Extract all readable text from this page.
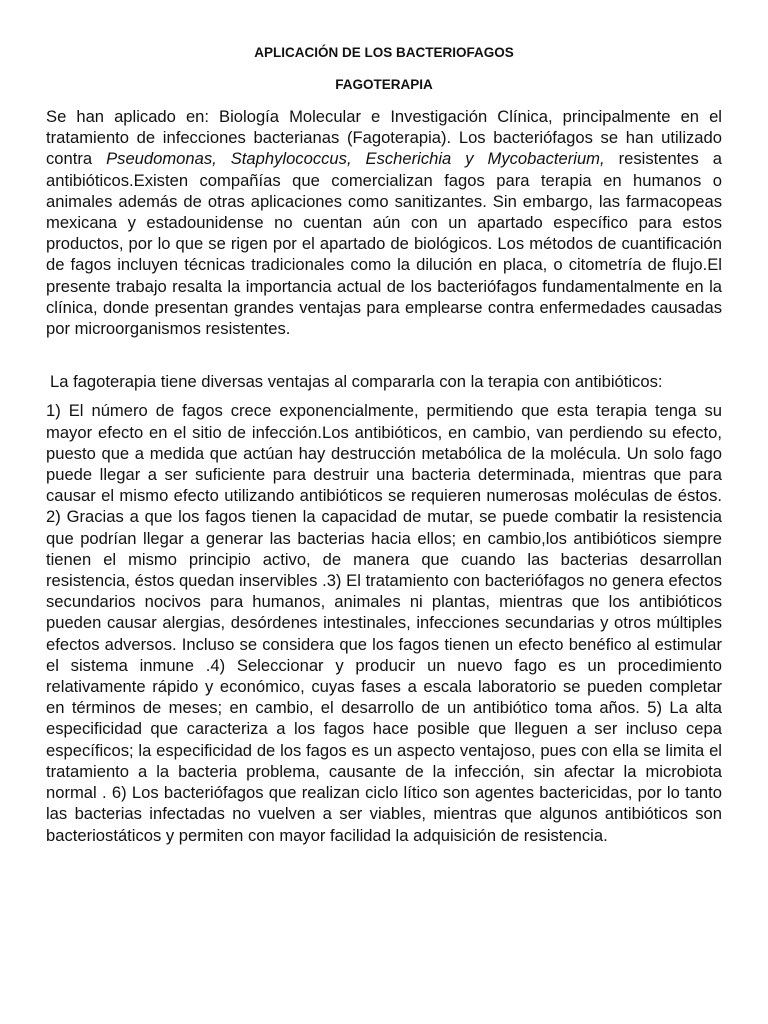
APLICACIÓN DE LOS BACTERIOFAGOS

FAGOTERAPIA

Se han aplicado en: Biología Molecular e Investigación Clínica, principalmente en el tratamiento de infecciones bacterianas (Fagoterapia). Los bacteriófagos se han utilizado contra Pseudomonas, Staphylococcus, Escherichia y Mycobacterium, resistentes a antibióticos.Existen compañías que comercializan fagos para terapia en humanos o animales además de otras aplicaciones como sanitizantes. Sin embargo, las farmacopeas mexicana y estadounidense no cuentan aún con un apartado específico para estos productos, por lo que se rigen por el apartado de biológicos. Los métodos de cuantificación de fagos incluyen técnicas tradicionales como la dilución en placa, o citometría de flujo.El presente trabajo resalta la importancia actual de los bacteriófagos fundamentalmente en la clínica, donde presentan grandes ventajas para emplearse contra enfermedades causadas por microorganismos resistentes.

La fagoterapia tiene diversas ventajas al compararla con la terapia con antibióticos:

1) El número de fagos crece exponencialmente, permitiendo que esta terapia tenga su mayor efecto en el sitio de infección.Los antibióticos, en cambio, van perdiendo su efecto, puesto que a medida que actúan hay destrucción metabólica de la molécula. Un solo fago puede llegar a ser suficiente para destruir una bacteria determinada, mientras que para causar el mismo efecto utilizando antibióticos se requieren numerosas moléculas de éstos. 2) Gracias a que los fagos tienen la capacidad de mutar, se puede combatir la resistencia que podrían llegar a generar las bacterias hacia ellos; en cambio,los antibióticos siempre tienen el mismo principio activo, de manera que cuando las bacterias desarrollan resistencia, éstos quedan inservibles .3) El tratamiento con bacteriófagos no genera efectos secundarios nocivos para humanos, animales ni plantas, mientras que los antibióticos pueden causar alergias, desórdenes intestinales, infecciones secundarias y otros múltiples efectos adversos. Incluso se considera que los fagos tienen un efecto benéfico al estimular el sistema inmune .4) Seleccionar y producir un nuevo fago es un procedimiento relativamente rápido y económico, cuyas fases a escala laboratorio se pueden completar en términos de meses; en cambio, el desarrollo de un antibiótico toma años. 5) La alta especificidad que caracteriza a los fagos hace posible que lleguen a ser incluso cepa específicos; la especificidad de los fagos es un aspecto ventajoso, pues con ella se limita el tratamiento a la bacteria problema, causante de la infección, sin afectar la microbiota normal . 6) Los bacteriófagos que realizan ciclo lítico son agentes bactericidas, por lo tanto las bacterias infectadas no vuelven a ser viables, mientras que algunos antibióticos son bacteriostáticos y permiten con mayor facilidad la adquisición de resistencia.
